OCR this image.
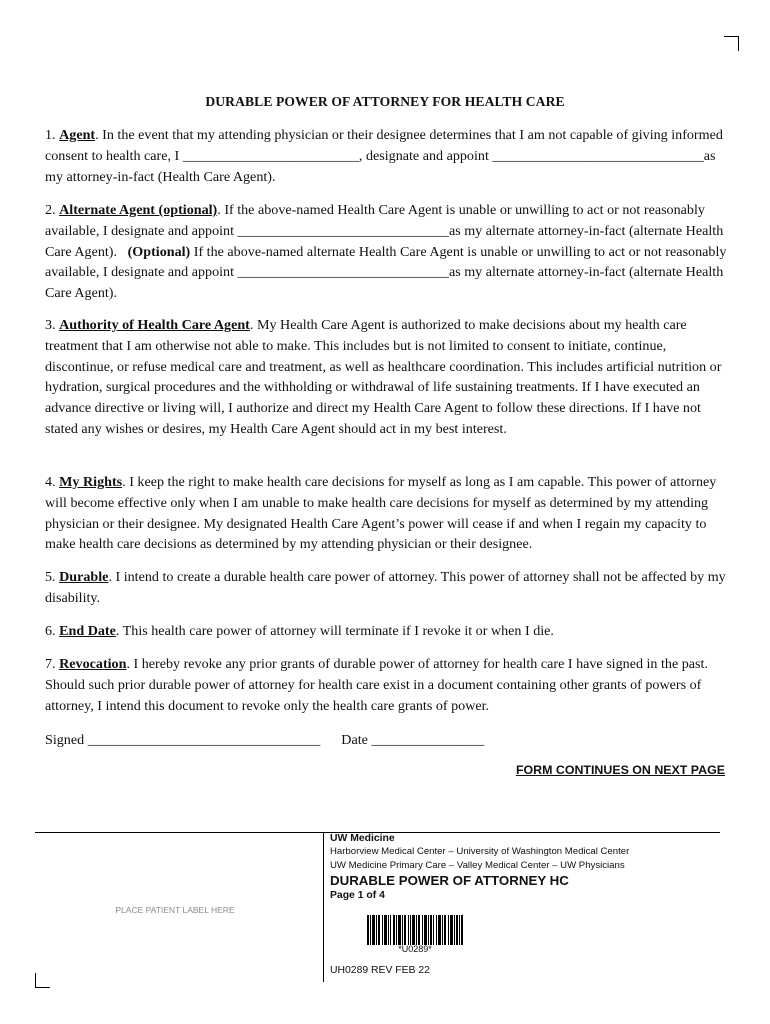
DURABLE POWER OF ATTORNEY FOR HEALTH CARE

1. Agent. In the event that my attending physician or their designee determines that I am not capable of giving informed consent to health care, I _________________________, designate and appoint ______________________________as my attorney-in-fact (Health Care Agent).

2. Alternate Agent (optional). If the above-named Health Care Agent is unable or unwilling to act or not reasonably available, I designate and appoint ______________________________as my alternate attorney-in-fact (alternate Health Care Agent).   (Optional) If the above-named alternate Health Care Agent is unable or unwilling to act or not reasonably available, I designate and appoint ______________________________as my alternate attorney-in-fact (alternate Health Care Agent).

3. Authority of Health Care Agent. My Health Care Agent is authorized to make decisions about my health care treatment that I am otherwise not able to make. This includes but is not limited to consent to initiate, continue, discontinue, or refuse medical care and treatment, as well as healthcare coordination. This includes artificial nutrition or hydration, surgical procedures and the withholding or withdrawal of life sustaining treatments. If I have executed an advance directive or living will, I authorize and direct my Health Care Agent to follow these directions. If I have not stated any wishes or desires, my Health Care Agent should act in my best interest.

4. My Rights. I keep the right to make health care decisions for myself as long as I am capable. This power of attorney will become effective only when I am unable to make health care decisions for myself as determined by my attending physician or their designee. My designated Health Care Agent’s power will cease if and when I regain my capacity to make health care decisions as determined by my attending physician or their designee.

5. Durable. I intend to create a durable health care power of attorney. This power of attorney shall not be affected by my disability.

6. End Date. This health care power of attorney will terminate if I revoke it or when I die.

7. Revocation. I hereby revoke any prior grants of durable power of attorney for health care I have signed in the past. Should such prior durable power of attorney for health care exist in a document containing other grants of powers of attorney, I intend this document to revoke only the health care grants of power.

Signed _________________________________ Date ________________
FORM CONTINUES ON NEXT PAGE
PLACE PATIENT LABEL HERE
UW Medicine
Harborview Medical Center – University of Washington Medical Center
UW Medicine Primary Care – Valley Medical Center – UW Physicians
DURABLE POWER OF ATTORNEY HC
Page 1 of 4
*U0289*
UH0289 REV FEB 22
